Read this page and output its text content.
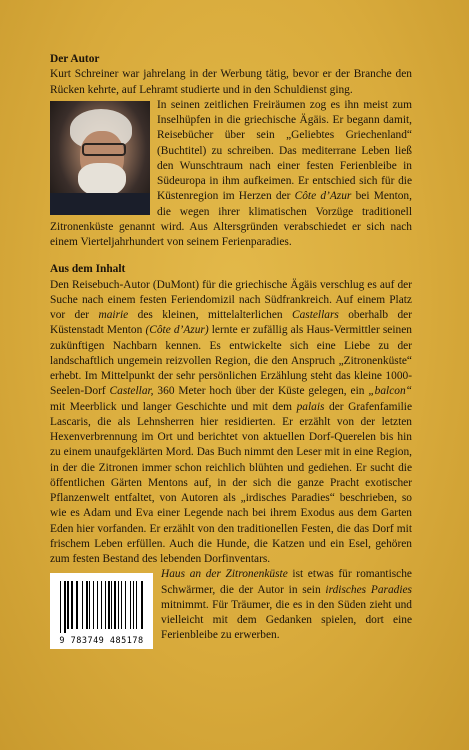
Der Autor

Kurt Schreiner war jahrelang in der Werbung tätig, bevor er der Branche den Rücken kehrte, auf Lehramt studierte und in den Schuldienst ging.

In seinen zeitlichen Freiräumen zog es ihn meist zum Inselhüpfen in die griechische Ägäis. Er begann damit, Reisebücher über sein „Geliebtes Griechenland“ (Buchtitel) zu schreiben. Das mediterrane Leben ließ den Wunschtraum nach einer festen Ferienbleibe in Südeuropa in ihm aufkeimen. Er entschied sich für die Küstenregion im Herzen der Côte d’Azur bei Menton, die wegen ihrer klimatischen Vorzüge traditionell Zitronenküste genannt wird. Aus Altersgründen verabschiedet er sich nach einem Vierteljahrhundert von seinem Ferienparadies.

Aus dem Inhalt

Den Reisebuch-Autor (DuMont) für die griechische Ägäis verschlug es auf der Suche nach einem festen Feriendomizil nach Südfrankreich. Auf einem Platz vor der mairie des kleinen, mittelalterlichen Castellars oberhalb der Küstenstadt Menton (Côte d’Azur) lernte er zufällig als Haus-Vermittler seinen zukünftigen Nachbarn kennen. Es entwickelte sich eine Liebe zu der landschaftlich ungemein reizvollen Region, die den Anspruch „Zitronenküste“ erhebt. Im Mittelpunkt der sehr persönlichen Erzählung steht das kleine 1000-Seelen-Dorf Castellar, 360 Meter hoch über der Küste gelegen, ein „balcon“ mit Meerblick und langer Geschichte und mit dem palais der Grafenfamilie Lascaris, die als Lehnsherren hier residierten. Er erzählt von der letzten Hexenverbrennung im Ort und berichtet von aktuellen Dorf-Querelen bis hin zu einem unaufgeklärten Mord. Das Buch nimmt den Leser mit in eine Region, in der die Zitronen immer schon reichlich blühten und gediehen. Er sucht die öffentlichen Gärten Mentons auf, in der sich die ganze Pracht exotischer Pflanzenwelt entfaltet, von Autoren als „irdisches Paradies“ beschrieben, so wie es Adam und Eva einer Legende nach bei ihrem Exodus aus dem Garten Eden hier vorfanden. Er erzählt von den traditionellen Festen, die das Dorf mit frischem Leben erfüllen. Auch die Hunde, die Katzen und ein Esel, gehören zum festen Bestand des lebenden Dorfinventars.

9 783749 485178

Haus an der Zitronenküste ist etwas für romantische Schwärmer, die der Autor in sein irdisches Paradies mitnimmt. Für Träumer, die es in den Süden zieht und vielleicht mit dem Gedanken spielen, dort eine Ferienbleibe zu erwerben.
